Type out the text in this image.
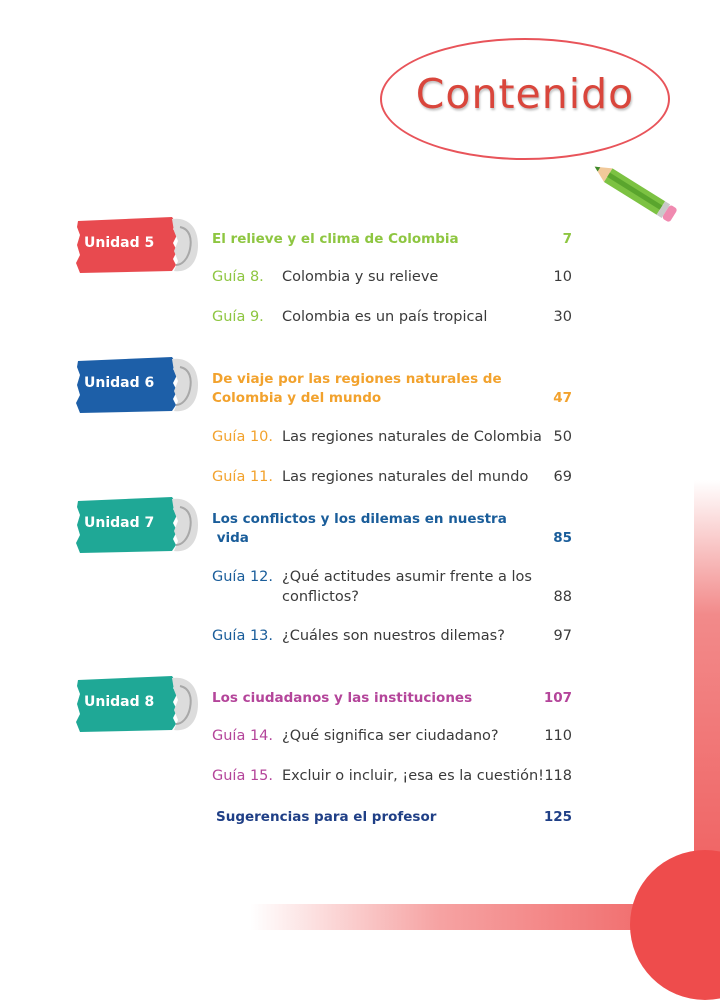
Contenido
Unidad 5	El relieve y el clima de Colombia	7
Guía 8. Colombia y su relieve	10
Guía 9. Colombia es un país tropical	30
Unidad 6	De viaje por las regiones naturales de
Colombia y del mundo	47
Guía 10. Las regiones naturales de Colombia 50
Guía 11. Las regiones naturales del mundo 69
Unidad 7	Los conflictos y los dilemas en nuestra
vida	85
Guía 12. ¿Qué actitudes asumir frente a los
conflictos?	88
Guía 13. ¿Cuáles son nuestros dilemas?	97
Unidad 8	Los ciudadanos y las instituciones	107
Guía 14. ¿Qué significa ser ciudadano?	110
Guía 15. Excluir o incluir, ¡esa es la cuestión! 118
Sugerencias para el profesor	125
